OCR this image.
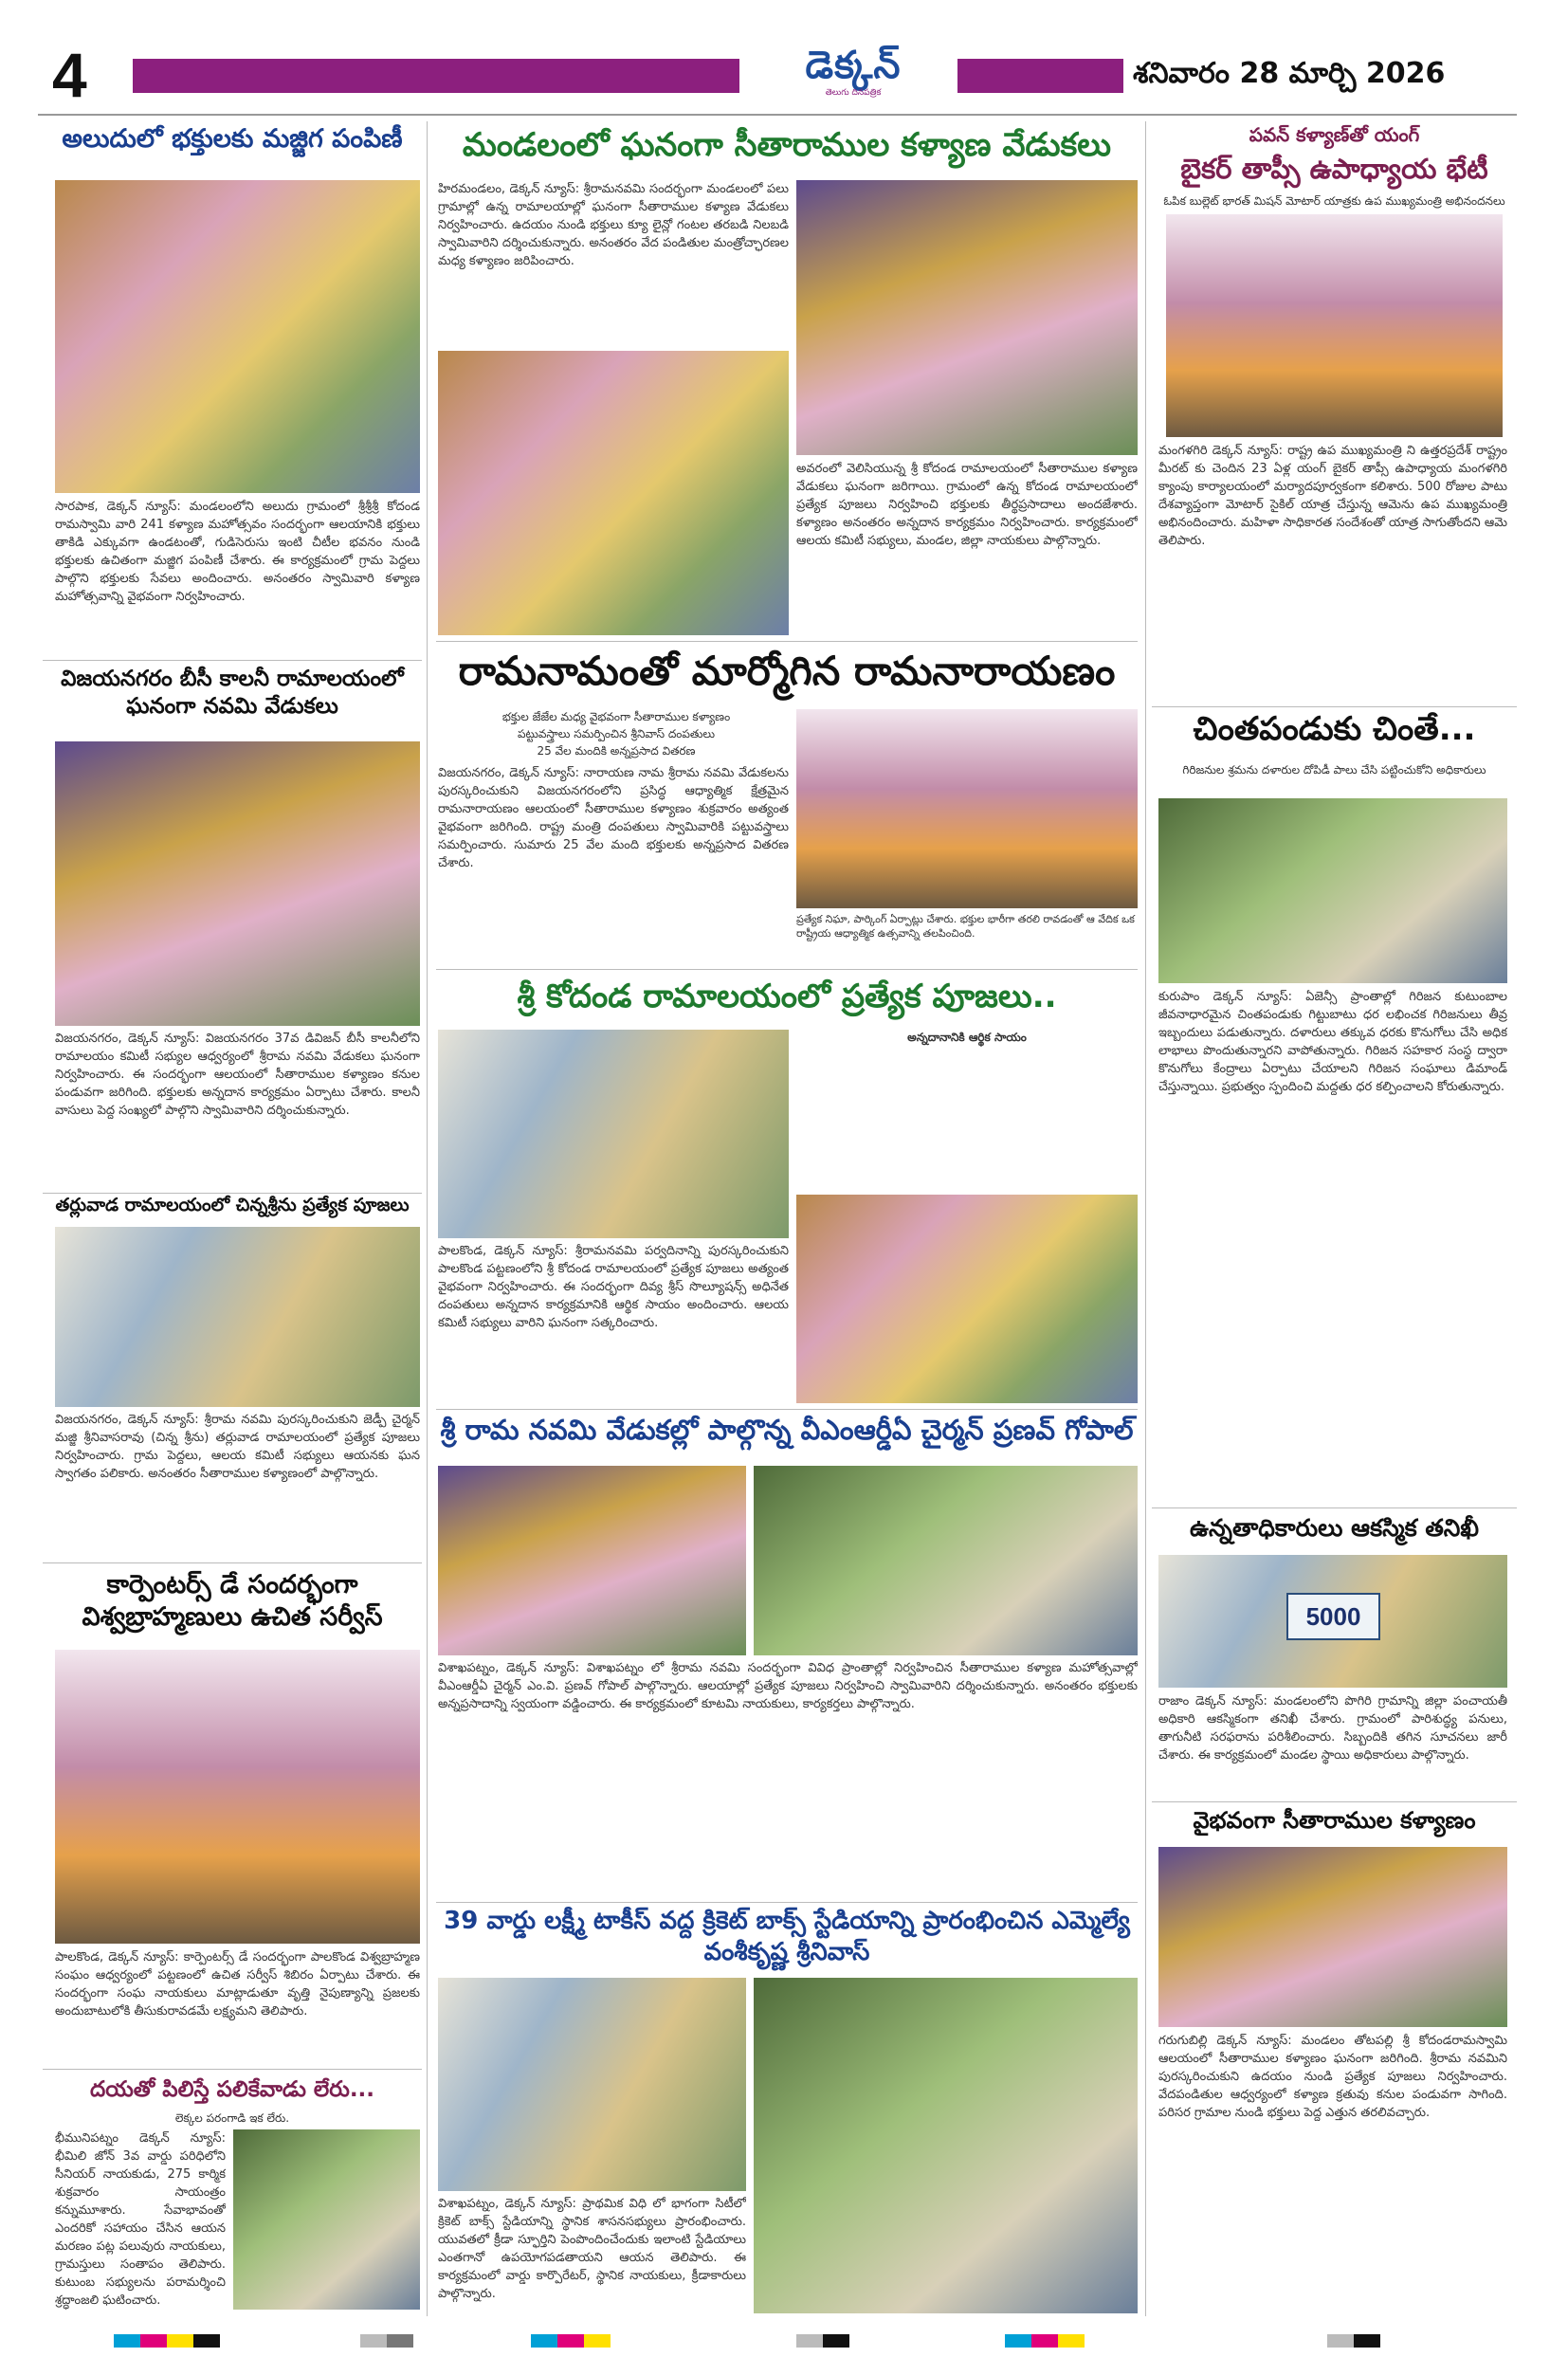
4	డెక్కన్
తెలుగు దినపత్రిక
శనివారం 28 మార్చి 2026
అలుదులో భక్తులకు మజ్జిగ పంపిణీ
సారపాక, డెక్కన్ న్యూస్: మండలంలోని అలుదు గ్రామంలో శ్రీశ్రీశ్రీ కోదండ రామస్వామి వారి 241 కళ్యాణ మహోత్సవం సందర్భంగా ఆలయానికి భక్తులు తాకిడి ఎక్కువగా ఉండటంతో, గుడిసెరుసు ఇంటి చీటీల భవనం నుండి భక్తులకు ఉచితంగా మజ్జిగ పంపిణీ చేశారు. ఈ కార్యక్రమంలో గ్రామ పెద్దలు పాల్గొని భక్తులకు సేవలు అందించారు. అనంతరం స్వామివారి కళ్యాణ మహోత్సవాన్ని వైభవంగా నిర్వహించారు.
విజయనగరం బీసీ కాలనీ రామాలయంలో ఘనంగా నవమి వేడుకలు
విజయనగరం, డెక్కన్ న్యూస్: విజయనగరం 37వ డివిజన్ బీసీ కాలనీలోని రామాలయం కమిటీ సభ్యుల ఆధ్వర్యంలో శ్రీరామ నవమి వేడుకలు ఘనంగా నిర్వహించారు. ఈ సందర్భంగా ఆలయంలో సీతారాముల కళ్యాణం కనుల పండువగా జరిగింది. భక్తులకు అన్నదాన కార్యక్రమం ఏర్పాటు చేశారు. కాలనీ వాసులు పెద్ద సంఖ్యలో పాల్గొని స్వామివారిని దర్శించుకున్నారు.
తర్లువాడ రామాలయంలో చిన్నశ్రీను ప్రత్యేక పూజలు
విజయనగరం, డెక్కన్ న్యూస్: శ్రీరామ నవమి పురస్కరించుకుని జెడ్పీ చైర్మన్ మజ్జి శ్రీనివాసరావు (చిన్న శ్రీను) తర్లువాడ రామాలయంలో ప్రత్యేక పూజలు నిర్వహించారు. గ్రామ పెద్దలు, ఆలయ కమిటీ సభ్యులు ఆయనకు ఘన స్వాగతం పలికారు. అనంతరం సీతారాముల కళ్యాణంలో పాల్గొన్నారు.
కార్పెంటర్స్ డే సందర్భంగా విశ్వబ్రాహ్మణులు ఉచిత సర్వీస్
పాలకొండ, డెక్కన్ న్యూస్: కార్పెంటర్స్ డే సందర్భంగా పాలకొండ విశ్వబ్రాహ్మణ సంఘం ఆధ్వర్యంలో పట్టణంలో ఉచిత సర్వీస్ శిబిరం ఏర్పాటు చేశారు. ఈ సందర్భంగా సంఘ నాయకులు మాట్లాడుతూ వృత్తి నైపుణ్యాన్ని ప్రజలకు అందుబాటులోకి తీసుకురావడమే లక్ష్యమని తెలిపారు.
దయతో పిలిస్తే పలికేవాడు లేరు...
లెక్కల పరంగాడి ఇక లేరు.
భీమునిపట్నం డెక్కన్ న్యూస్: భీమిలి జోన్ 3వ వార్డు పరిధిలోని సీనియర్ నాయకుడు, 275 కార్మిక శుక్రవారం సాయంత్రం కన్నుమూశారు. సేవాభావంతో ఎందరికో సహాయం చేసిన ఆయన మరణం పట్ల పలువురు నాయకులు, గ్రామస్తులు సంతాపం తెలిపారు. కుటుంబ సభ్యులను పరామర్శించి శ్రద్ధాంజలి ఘటించారు.
మండలంలో ఘనంగా సీతారాముల కళ్యాణ వేడుకలు
హిరమండలం, డెక్కన్ న్యూస్: శ్రీరామనవమి సందర్భంగా మండలంలో పలు గ్రామాల్లో ఉన్న రామాలయాల్లో ఘనంగా సీతారాముల కళ్యాణ వేడుకలు నిర్వహించారు. ఉదయం నుండి భక్తులు క్యూ లైన్లో గంటల తరబడి నిలబడి స్వామివారిని దర్శించుకున్నారు. అనంతరం వేద పండితుల మంత్రోచ్ఛారణల మధ్య కళ్యాణం జరిపించారు.
అవరంలో వెలిసియున్న శ్రీ కోదండ రామాలయంలో సీతారాముల కళ్యాణ వేడుకలు ఘనంగా జరిగాయి. గ్రామంలో ఉన్న కోదండ రామాలయంలో ప్రత్యేక పూజలు నిర్వహించి భక్తులకు తీర్థప్రసాదాలు అందజేశారు. కళ్యాణం అనంతరం అన్నదాన కార్యక్రమం నిర్వహించారు. కార్యక్రమంలో ఆలయ కమిటీ సభ్యులు, మండల, జిల్లా నాయకులు పాల్గొన్నారు.
రామనామంతో మార్మోగిన రామనారాయణం
భక్తుల జేజేల మధ్య వైభవంగా సీతారాముల కళ్యాణం
పట్టువస్త్రాలు సమర్పించిన శ్రీనివాస్ దంపతులు
25 వేల మందికి అన్నప్రసాద వితరణ
విజయనగరం, డెక్కన్ న్యూస్: నారాయణ నామ శ్రీరామ నవమి వేడుకలను పురస్కరించుకుని విజయనగరంలోని ప్రసిద్ధ ఆధ్యాత్మిక క్షేత్రమైన రామనారాయణం ఆలయంలో సీతారాముల కళ్యాణం శుక్రవారం అత్యంత వైభవంగా జరిగింది. రాష్ట్ర మంత్రి దంపతులు స్వామివారికి పట్టువస్త్రాలు సమర్పించారు. సుమారు 25 వేల మంది భక్తులకు అన్నప్రసాద వితరణ చేశారు.
ప్రత్యేక నిఘా, పార్కింగ్ ఏర్పాట్లు చేశారు. భక్తుల భారీగా తరలి రావడంతో ఆ వేదిక ఒక రాష్ట్రీయ ఆధ్యాత్మిక ఉత్సవాన్ని తలపించింది.
శ్రీ కోదండ రామాలయంలో ప్రత్యేక పూజలు..
పాలకొండ, డెక్కన్ న్యూస్: శ్రీరామనవమి పర్వదినాన్ని పురస్కరించుకుని పాలకొండ పట్టణంలోని శ్రీ కోదండ రామాలయంలో ప్రత్యేక పూజలు అత్యంత వైభవంగా నిర్వహించారు. ఈ సందర్భంగా దివ్య శ్రీస్ సొల్యూషన్స్ అధినేత దంపతులు అన్నదాన కార్యక్రమానికి ఆర్థిక సాయం అందించారు. ఆలయ కమిటీ సభ్యులు వారిని ఘనంగా సత్కరించారు.
అన్నదానానికి ఆర్థిక సాయం
శ్రీ రామ నవమి వేడుకల్లో పాల్గొన్న వీఎంఆర్డీఏ చైర్మన్ ప్రణవ్ గోపాల్
విశాఖపట్నం, డెక్కన్ న్యూస్: విశాఖపట్నం లో శ్రీరామ నవమి సందర్భంగా వివిధ ప్రాంతాల్లో నిర్వహించిన సీతారాముల కళ్యాణ మహోత్సవాల్లో వీఎంఆర్డీఏ చైర్మన్ ఎం.వి. ప్రణవ్ గోపాల్ పాల్గొన్నారు. ఆలయాల్లో ప్రత్యేక పూజలు నిర్వహించి స్వామివారిని దర్శించుకున్నారు. అనంతరం భక్తులకు అన్నప్రసాదాన్ని స్వయంగా వడ్డించారు. ఈ కార్యక్రమంలో కూటమి నాయకులు, కార్యకర్తలు పాల్గొన్నారు.
39 వార్డు లక్ష్మీ టాకీస్ వద్ద క్రికెట్ బాక్స్ స్టేడియాన్ని ప్రారంభించిన ఎమ్మెల్యే వంశీకృష్ణ శ్రీనివాస్
విశాఖపట్నం, డెక్కన్ న్యూస్: ప్రాథమిక విధి లో భాగంగా సిటీలో క్రికెట్ బాక్స్ స్టేడియాన్ని స్థానిక శాసనసభ్యులు ప్రారంభించారు. యువతలో క్రీడా స్ఫూర్తిని పెంపొందించేందుకు ఇలాంటి స్టేడియాలు ఎంతగానో ఉపయోగపడతాయని ఆయన తెలిపారు. ఈ కార్యక్రమంలో వార్డు కార్పొరేటర్, స్థానిక నాయకులు, క్రీడాకారులు పాల్గొన్నారు.
పవన్ కళ్యాణ్‌తో యంగ్
బైకర్ తాప్సీ ఉపాధ్యాయ భేటీ
ఓపిక బుల్లెట్ భారత్ మిషన్ మోటార్ యాత్రకు ఉప ముఖ్యమంత్రి అభినందనలు
మంగళగిరి డెక్కన్ న్యూస్: రాష్ట్ర ఉప ముఖ్యమంత్రి ని ఉత్తరప్రదేశ్ రాష్ట్రం మీరట్ కు చెందిన 23 ఏళ్ల యంగ్ బైకర్ తాప్సీ ఉపాధ్యాయ మంగళగిరి క్యాంపు కార్యాలయంలో మర్యాదపూర్వకంగా కలిశారు. 500 రోజుల పాటు దేశవ్యాప్తంగా మోటార్ సైకిల్ యాత్ర చేస్తున్న ఆమెను ఉప ముఖ్యమంత్రి అభినందించారు. మహిళా సాధికారత సందేశంతో యాత్ర సాగుతోందని ఆమె తెలిపారు.
చింతపండుకు చింతే...
గిరిజనుల శ్రమను దళారుల దోపిడీ పాలు చేసి పట్టించుకోని అధికారులు
కురుపాం డెక్కన్ న్యూస్: ఏజెన్సీ ప్రాంతాల్లో గిరిజన కుటుంబాల జీవనాధారమైన చింతపండుకు గిట్టుబాటు ధర లభించక గిరిజనులు తీవ్ర ఇబ్బందులు పడుతున్నారు. దళారులు తక్కువ ధరకు కొనుగోలు చేసి అధిక లాభాలు పొందుతున్నారని వాపోతున్నారు. గిరిజన సహకార సంస్థ ద్వారా కొనుగోలు కేంద్రాలు ఏర్పాటు చేయాలని గిరిజన సంఘాలు డిమాండ్ చేస్తున్నాయి. ప్రభుత్వం స్పందించి మద్దతు ధర కల్పించాలని కోరుతున్నారు.
ఉన్నతాధికారులు ఆకస్మిక తనిఖీ
5000
రాజాం డెక్కన్ న్యూస్: మండలంలోని పొగిరి గ్రామాన్ని జిల్లా పంచాయతీ అధికారి ఆకస్మికంగా తనిఖీ చేశారు. గ్రామంలో పారిశుద్ధ్య పనులు, తాగునీటి సరఫరాను పరిశీలించారు. సిబ్బందికి తగిన సూచనలు జారీ చేశారు. ఈ కార్యక్రమంలో మండల స్థాయి అధికారులు పాల్గొన్నారు.
వైభవంగా సీతారాముల కళ్యాణం
గరుగుబిల్లి డెక్కన్ న్యూస్: మండలం తోటపల్లి శ్రీ కోదండరామస్వామి ఆలయంలో సీతారాముల కళ్యాణం ఘనంగా జరిగింది. శ్రీరామ నవమిని పురస్కరించుకుని ఉదయం నుండి ప్రత్యేక పూజలు నిర్వహించారు. వేదపండితుల ఆధ్వర్యంలో కళ్యాణ క్రతువు కనుల పండువగా సాగింది. పరిసర గ్రామాల నుండి భక్తులు పెద్ద ఎత్తున తరలివచ్చారు.
